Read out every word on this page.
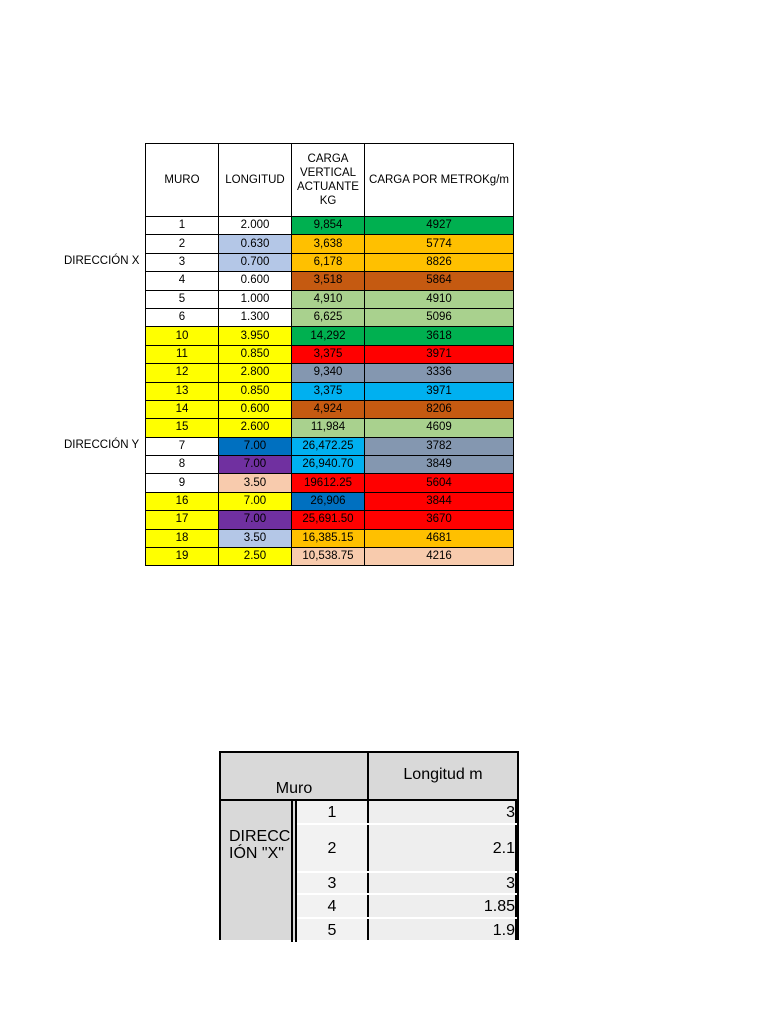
MURO	LONGITUD	CARGA VERTICAL ACTUANTE KG	CARGA POR METROKg/m
1	2.000	9,854	4927
2	0.630	3,638	5774
3	0.700	6,178	8826
4	0.600	3,518	5864
5	1.000	4,910	4910
6	1.300	6,625	5096
10	3.950	14,292	3618
11	0.850	3,375	3971
12	2.800	9,340	3336
13	0.850	3,375	3971
14	0.600	4,924	8206
15	2.600	11,984	4609
7	7.00	26,472.25	3782
8	7.00	26,940.70	3849
9	3.50	19612.25	5604
16	7.00	26,906	3844
17	7.00	25,691.50	3670
18	3.50	16,385.15	4681
19	2.50	10,538.75	4216
DIRECCIÓN X
DIRECCIÓN Y
Muro
Longitud m
DIRECCIÓN "X"
1	3
2	2.1
3	3
4	1.85
5	1.9
